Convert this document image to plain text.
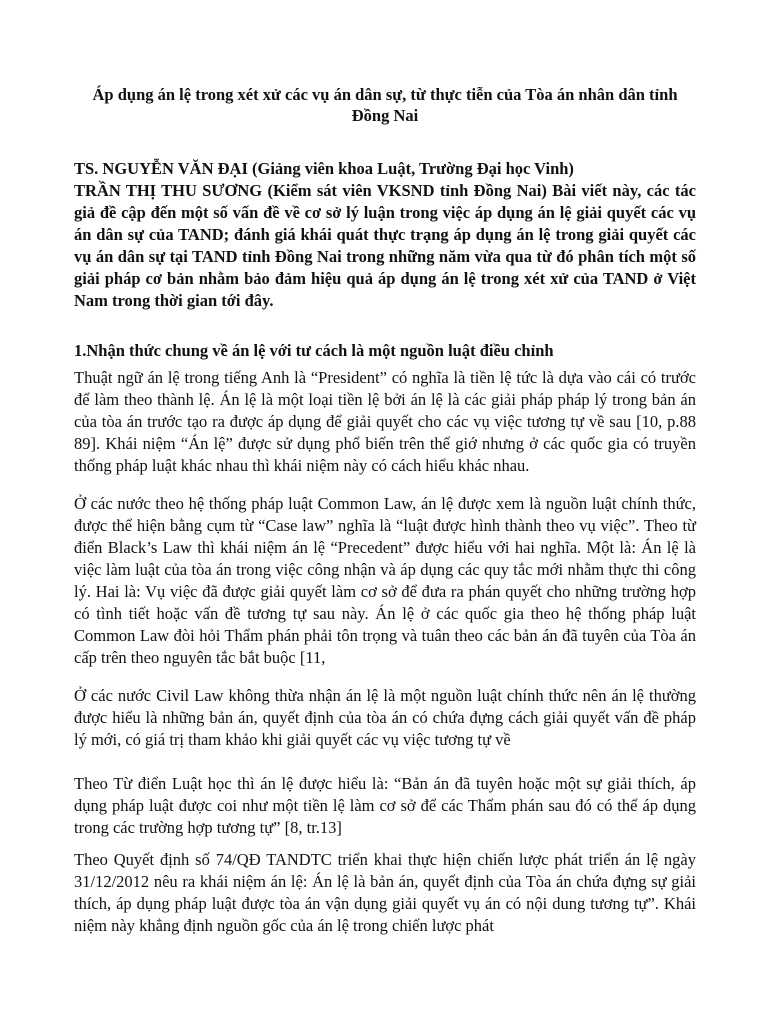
Áp dụng án lệ trong xét xử các vụ án dân sự, từ thực tiễn của Tòa án nhân dân tỉnh Đồng Nai
TS. NGUYỄN VĂN ĐẠI (Giảng viên khoa Luật, Trường Đại học Vinh)
TRẦN THỊ THU SƯƠNG (Kiểm sát viên VKSND tỉnh Đồng Nai) Bài viết này, các tác giả đề cập đến một số vấn đề về cơ sở lý luận trong việc áp dụng án lệ giải quyết các vụ án dân sự của TAND; đánh giá khái quát thực trạng áp dụng án lệ trong giải quyết các vụ án dân sự tại TAND tỉnh Đồng Nai trong những năm vừa qua từ đó phân tích một số giải pháp cơ bản nhằm bảo đảm hiệu quả áp dụng án lệ trong xét xử của TAND ở Việt Nam trong thời gian tới đây.
1.Nhận thức chung về án lệ với tư cách là một nguồn luật điều chỉnh

Thuật ngữ án lệ trong tiếng Anh là “President” có nghĩa là tiền lệ tức là dựa vào cái có trước để làm theo thành lệ. Án lệ là một loại tiền lệ bởi án lệ là các giải pháp pháp lý trong bản án của tòa án trước tạo ra được áp dụng để giải quyết cho các vụ việc tương tự về sau [10, p.88 89]. Khái niệm “Án lệ” được sử dụng phổ biến trên thế giớ nhưng ở các quốc gia có truyền thống pháp luật khác nhau thì khái niệm này có cách hiểu khác nhau.

Ở các nước theo hệ thống pháp luật Common Law, án lệ được xem là nguồn luật chính thức, được thể hiện bằng cụm từ “Case law” nghĩa là “luật được hình thành theo vụ việc”. Theo từ điển Black’s Law thì khái niệm án lệ “Precedent” được hiểu với hai nghĩa. Một là: Án lệ là việc làm luật của tòa án trong việc công nhận và áp dụng các quy tắc mới nhằm thực thi công lý. Hai là: Vụ việc đã được giải quyết làm cơ sở để đưa ra phán quyết cho những trường hợp có tình tiết hoặc vấn đề tương tự sau này. Án lệ ở các quốc gia theo hệ thống pháp luật Common Law đòi hỏi Thẩm phán phải tôn trọng và tuân theo các bản án đã tuyên của Tòa án cấp trên theo nguyên tắc bắt buộc [11,

Ở các nước Civil Law không thừa nhận án lệ là một nguồn luật chính thức nên án lệ thường được hiểu là những bản án, quyết định của tòa án có chứa đựng cách giải quyết vấn đề pháp lý mới, có giá trị tham khảo khi giải quyết các vụ việc tương tự về

Theo Từ điển Luật học thì án lệ được hiểu là: “Bản án đã tuyên hoặc một sự giải thích, áp dụng pháp luật được coi như một tiền lệ làm cơ sở để các Thẩm phán sau đó có thể áp dụng trong các trường hợp tương tự” [8, tr.13]

Theo Quyết định số 74/QĐ TANDTC triển khai thực hiện chiến lược phát triển án lệ ngày 31/12/2012 nêu ra khái niệm án lệ: Án lệ là bản án, quyết định của Tòa án chứa đựng sự giải thích, áp dụng pháp luật được tòa án vận dụng giải quyết vụ án có nội dung tương tự”. Khái niệm này khẳng định nguồn gốc của án lệ trong chiến lược phát
